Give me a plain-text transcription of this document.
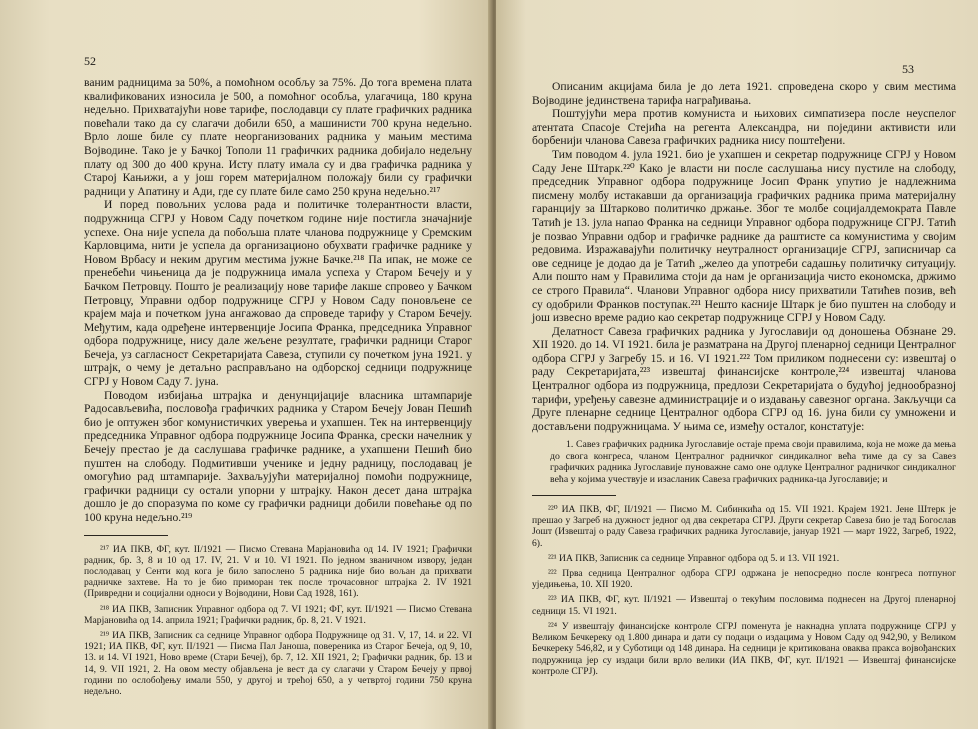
52

ваним радницима за 50%, а помоћном особљу за 75%. До тога времена плата квалификованих износила је 500, а помоћног особља, улагачица, 180 круна недељно. Прихватајући нове тарифе, послодавци су плате графичких радника повећали тако да су слагачи добили 650, а машинисти 700 круна недељно. Врло лоше биле су плате неорганизованих радника у мањим местима Војводине. Тако је у Бачкој Тополи 11 графичких радника добијало недељну плату од 300 до 400 круна. Исту плату имала су и два графичка радника у Старој Кањижи, а у још горем материјалном положају били су графички радници у Апатину и Ади, где су плате биле само 250 круна недељно.²¹⁷

И поред повољних услова рада и политичке толерантности власти, подружница СГРЈ у Новом Саду почетком године није постигла значајније успехе. Она није успела да побољша плате чланова подружнице у Сремским Карловцима, нити је успела да организационо обухвати графичке раднике у Новом Врбасу и неким другим местима јужне Бачке.²¹⁸ Па ипак, не може се пренебећи чињеница да је подружница имала успеха у Старом Бечеју и у Бачком Петровцу. Пошто је реализацију нове тарифе лакше спровео у Бачком Петровцу, Управни одбор подружнице СГРЈ у Новом Саду поновљене се крајем маја и почетком јуна ангажовао да спроведе тарифу у Старом Бечеју. Међутим, када одређене интервенције Јосипа Франка, председника Управног одбора подружнице, нису дале жељене резултате, графички радници Старог Бечеја, уз сагласност Секретаријата Савеза, ступили су почетком јуна 1921. у штрајк, о чему је детаљно расправљано на одборској седници подружнице СГРЈ у Новом Саду 7. јуна.

Поводом избијања штрајка и денунцијације власника штампарије Радосављевића, пословођа графичких радника у Старом Бечеју Јован Пешић био је оптужен због комунистичких уверења и ухапшен. Тек на интервенцију председника Управног одбора подружнице Јосипа Франка, срески начелник у Бечеју престао је да саслушава графичке раднике, а ухапшени Пешић био пуштен на слободу. Подмитивши ученике и једну радницу, послодавац је омогућио рад штампарије. Захваљујући материјалној помоћи подружнице, графички радници су остали упорни у штрајку. Након десет дана штрајка дошло је до споразума по коме су графички радници добили повећање од по 100 круна недељно.²¹⁹

²¹⁷ ИА ПКВ, ФГ, кут. II/1921 — Писмо Стевана Марјановића од 14. IV 1921; Графички радник, бр. 3, 8 и 10 од 17. IV, 21. V и 10. VI 1921. По једном званичном извору, један послодавац у Сенти код кога је било запослено 5 радника није био вољан да прихвати радничке захтеве. На то је био приморан тек после трочасовног штрајка 2. IV 1921 (Привредни и социјални односи у Војводини, Нови Сад 1928, 161).

²¹⁸ ИА ПКВ, Записник Управног одбора од 7. VI 1921; ФГ, кут. II/1921 — Писмо Стевана Марјановића од 14. априла 1921; Графички радник, бр. 8, 21. V 1921.

²¹⁹ ИА ПКВ, Записник са седнице Управног одбора Подружнице од 31. V, 17, 14. и 22. VI 1921; ИА ПКВ, ФГ, кут. II/1921 — Писма Пал Јаноша, повереника из Старог Бечеја, од 9, 10, 13. и 14. VI 1921, Ново време (Стари Бечеј), бр. 7, 12. XII 1921, 2; Графички радник, бр. 13 и 14, 9. VII 1921, 2. На овом месту објављена је вест да су слагачи у Старом Бечеју у првој години по ослобођењу имали 550, у другој и трећој 650, а у четвртој години 750 круна недељно.

53

Описаним акцијама била је до лета 1921. спроведена скоро у свим местима Војводине јединствена тарифа награђивања.

Поштујући мера против комуниста и њихових симпатизера после неуспелог атентата Спасоје Стејића на регента Александра, ни поједини активисти или борбенији чланова Савеза графичких радника нису поштеђени.

Тим поводом 4. јула 1921. био је ухапшен и секретар подружнице СГРЈ у Новом Саду Јене Штарк.²²⁰ Како је власти ни после саслушања нису пустиле на слободу, председник Управног одбора подружнице Јосип Франк упутио је надлежнима писмену молбу истакавши да организација графичких радника прима материјалну гаранцију за Штарково политичко држање. Због те молбе социјалдемократа Павле Татић је 13. јула напао Франка на седници Управног одбора подружнице СГРЈ. Татић је позвао Управни одбор и графичке раднике да раштисте са комунистима у својим редовима. Изражавајући политичку неутралност организације СГРЈ, записничар са ове седнице је додао да је Татић „желео да употреби садашњу политичку ситуацију. Али пошто нам у Правилима стоји да нам је организација чисто економска, држимо се строго Правила“. Чланови Управног одбора нису прихватили Татићев позив, већ су одобрили Франков поступак.²²¹ Нешто касније Штарк је био пуштен на слободу и још извесно време радио као секретар подружнице СГРЈ у Новом Саду.

Делатност Савеза графичких радника у Југославији од доношења Обзнане 29. XII 1920. до 14. VI 1921. била је разматрана на Другој пленарној седници Централног одбора СГРЈ у Загребу 15. и 16. VI 1921.²²² Том приликом поднесени су: извештај о раду Секретаријата,²²³ извештај финансијске контроле,²²⁴ извештај чланова Централног одбора из подружница, предлози Секретаријата о будућој једнообразној тарифи, уређењу савезне администрације и о издавању савезног органа. Закључци са Друге пленарне седнице Централног одбора СГРЈ од 16. јуна били су умножени и достављени подружницама. У њима се, између осталог, констатује:

1. Савез графичких радника Југославије остаје према своји правилима, која не може да мења до свога конгреса, чланом Централног радничког синдикалног већа тиме да су за Савез графичких радника Југославије пуноважне само оне одлуке Централног радничког синдикалног већа у којима учествује и изасланик Савеза графичких радника-ца Југославије; и

²²⁰ ИА ПКВ, ФГ, II/1921 — Писмо М. Сибинкића од 15. VII 1921. Крајем 1921. Јене Штерк је прешао у Загреб на дужност једног од два секретара СГРЈ. Други секретар Савеза био је тад Богослав Јошт (Извештај о раду Савеза графичких радника Југославије, јануар 1921 — март 1922, Загреб, 1922, 6).

²²¹ ИА ПКВ, Записник са седнице Управног одбора од 5. и 13. VII 1921.

²²² Прва седница Централног одбора СГРЈ одржана је непосредно после конгреса потпуног уједињења, 10. XII 1920.

²²³ ИА ПКВ, ФГ, кут. II/1921 — Извештај о текућим пословима поднесен на Другој пленарној седници 15. VI 1921.

²²⁴ У извештају финансијске контроле СГРЈ поменута је накнадна уплата подружнице СГРЈ у Великом Бечкереку од 1.800 динара и дати су подаци о издацима у Новом Саду од 942,90, у Великом Бечкереку 546,82, и у Суботици од 148 динара. На седници је критикована оваква пракса војвођанских подружница јер су издаци били врло велики (ИА ПКВ, ФГ, кут. II/1921 — Извештај финансијске контроле СГРЈ).
